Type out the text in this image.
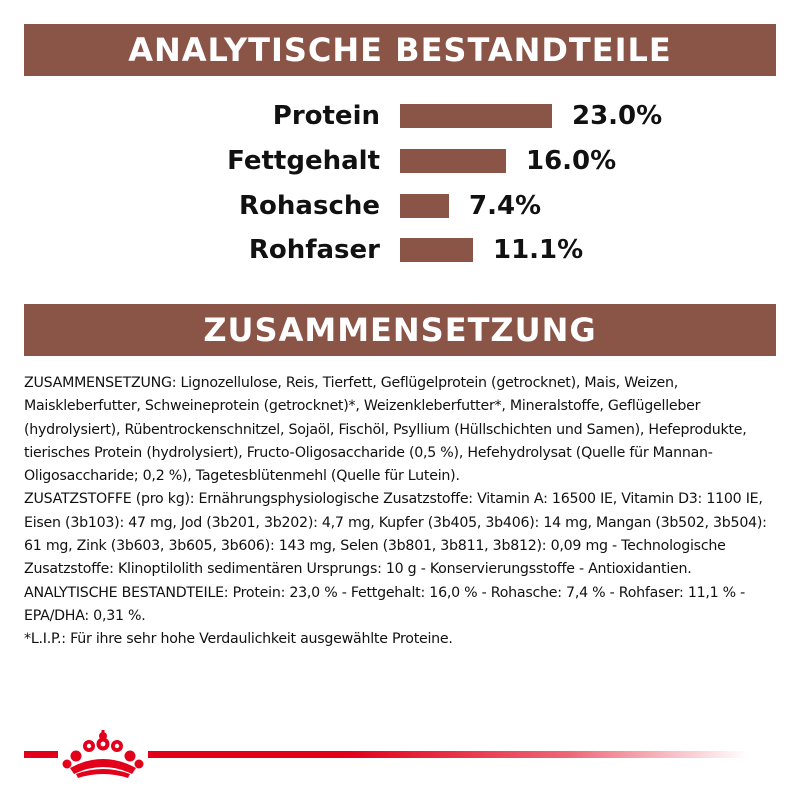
ANALYTISCHE BESTANDTEILE
Protein	23.0%
Fettgehalt	16.0%
Rohasche	7.4%
Rohfaser	11.1%
ZUSAMMENSETZUNG

ZUSAMMENSETZUNG: Lignozellulose, Reis, Tierfett, Geflügelprotein (getrocknet), Mais, Weizen, Maiskleberfutter, Schweineprotein (getrocknet)*, Weizenkleberfutter*, Mineralstoffe, Geflügelleber (hydrolysiert), Rübentrockenschnitzel, Sojaöl, Fischöl, Psyllium (Hüllschichten und Samen), Hefeprodukte, tierisches Protein (hydrolysiert), Fructo-Oligosaccharide (0,5 %), Hefehydrolysat (Quelle für Mannan-Oligosaccharide; 0,2 %), Tagetesblütenmehl (Quelle für Lutein).

ZUSATZSTOFFE (pro kg): Ernährungsphysiologische Zusatzstoffe: Vitamin A: 16500 IE, Vitamin D3: 1100 IE, Eisen (3b103): 47 mg, Jod (3b201, 3b202): 4,7 mg, Kupfer (3b405, 3b406): 14 mg, Mangan (3b502, 3b504): 61 mg, Zink (3b603, 3b605, 3b606): 143 mg, Selen (3b801, 3b811, 3b812): 0,09 mg - Technologische Zusatzstoffe: Klinoptilolith sedimentären Ursprungs: 10 g - Konservierungsstoffe - Antioxidantien.

ANALYTISCHE BESTANDTEILE: Protein: 23,0 % - Fettgehalt: 16,0 % - Rohasche: 7,4 % - Rohfaser: 11,1 % - EPA/DHA: 0,31 %.

*L.I.P.: Für ihre sehr hohe Verdaulichkeit ausgewählte Proteine.
